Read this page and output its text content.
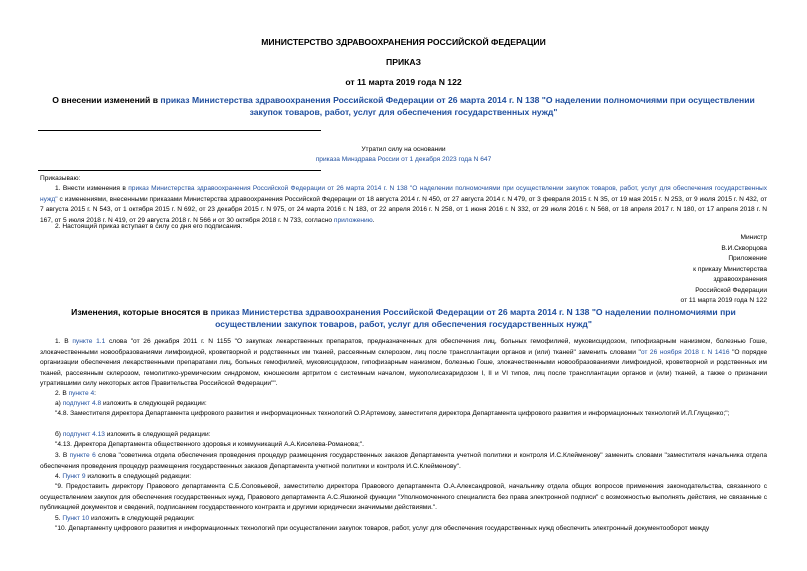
МИНИСТЕРСТВО ЗДРАВООХРАНЕНИЯ РОССИЙСКОЙ ФЕДЕРАЦИИ
ПРИКАЗ
от 11 марта 2019 года N 122
О внесении изменений в приказ Министерства здравоохранения Российской Федерации от 26 марта 2014 г. N 138 "О наделении полномочиями при осуществлении закупок товаров, работ, услуг для обеспечения государственных нужд"
Утратил силу на основании
приказа Минздрава России от 1 декабря 2023 года N 647
Приказываю:
1. Внести изменения в приказ Министерства здравоохранения Российской Федерации от 26 марта 2014 г. N 138 "О наделении полномочиями при осуществлении закупок товаров, работ, услуг для обеспечения государственных нужд" с изменениями, внесенными приказами Министерства здравоохранения Российской Федерации от 18 августа 2014 г. N 450, от 27 августа 2014 г. N 479, от 3 февраля 2015 г. N 35, от 19 мая 2015 г. N 253, от 9 июля 2015 г. N 432, от 7 августа 2015 г. N 543, от 1 октября 2015 г. N 692, от 23 декабря 2015 г. N 975, от 24 марта 2016 г. N 183, от 22 апреля 2016 г. N 258, от 1 июня 2016 г. N 332, от 29 июля 2016 г. N 568, от 18 апреля 2017 г. N 180, от 17 апреля 2018 г. N 167, от 5 июля 2018 г. N 419, от 29 августа 2018 г. N 566 и от 30 октября 2018 г. N 733, согласно приложению.
2. Настоящий приказ вступает в силу со дня его подписания.
Министр
В.И.Скворцова
Приложение
к приказу Министерства
здравоохранения
Российской Федерации
от 11 марта 2019 года N 122
Изменения, которые вносятся в приказ Министерства здравоохранения Российской Федерации от 26 марта 2014 г. N 138 "О наделении полномочиями при осуществлении закупок товаров, работ, услуг для обеспечения государственных нужд"
1. В пункте 1.1 слова "от 26 декабря 2011 г. N 1155 "О закупках лекарственных препаратов, предназначенных для обеспечения лиц, больных гемофилией, муковисцидозом, гипофизарным нанизмом, болезнью Гоше, злокачественными новообразованиями лимфоидной, кроветворной и родственных им тканей, рассеянным склерозом, лиц после трансплантации органов и (или) тканей" заменить словами "от 26 ноября 2018 г. N 1416 "О порядке организации обеспечения лекарственными препаратами лиц, больных гемофилией, муковисцидозом, гипофизарным нанизмом, болезнью Гоше, злокачественными новообразованиями лимфоидной, кроветворной и родственных им тканей, рассеянным склерозом, гемолитико-уремическим синдромом, юношеским артритом с системным началом, мукополисахаридозом I, II и VI типов, лиц после трансплантации органов и (или) тканей, а также о признании утратившими силу некоторых актов Правительства Российской Федерации"".
2. В пункте 4:
а) подпункт 4.8 изложить в следующей редакции:
"4.8. Заместителя директора Департамента цифрового развития и информационных технологий О.Р.Артемову, заместителя директора Департамента цифрового развития и информационных технологий И.Л.Глущенко;";
б) подпункт 4.13 изложить в следующей редакции:
"4.13. Директора Департамента общественного здоровья и коммуникаций А.А.Киселева-Романова;".
3. В пункте 6 слова "советника отдела обеспечения проведения процедур размещения государственных заказов Департамента учетной политики и контроля И.С.Клейменову" заменить словами "заместителя начальника отдела обеспечения проведения процедур размещения государственных заказов Департамента учетной политики и контроля И.С.Клейменову".
4. Пункт 9 изложить в следующей редакции:
"9. Предоставить директору Правового департамента С.Б.Соловьевой, заместителю директора Правового департамента О.А.Александровой, начальнику отдела общих вопросов применения законодательства, связанного с осуществлением закупок для обеспечения государственных нужд, Правового департамента А.С.Яшкиной функции "Уполномоченного специалиста без права электронной подписи" с возможностью выполнять действия, не связанные с публикацией документов и сведений, подписанием государственного контракта и другими юридически значимыми действиями.".
5. Пункт 10 изложить в следующей редакции:
"10. Департаменту цифрового развития и информационных технологий при осуществлении закупок товаров, работ, услуг для обеспечения государственных нужд обеспечить электронный документооборот между
